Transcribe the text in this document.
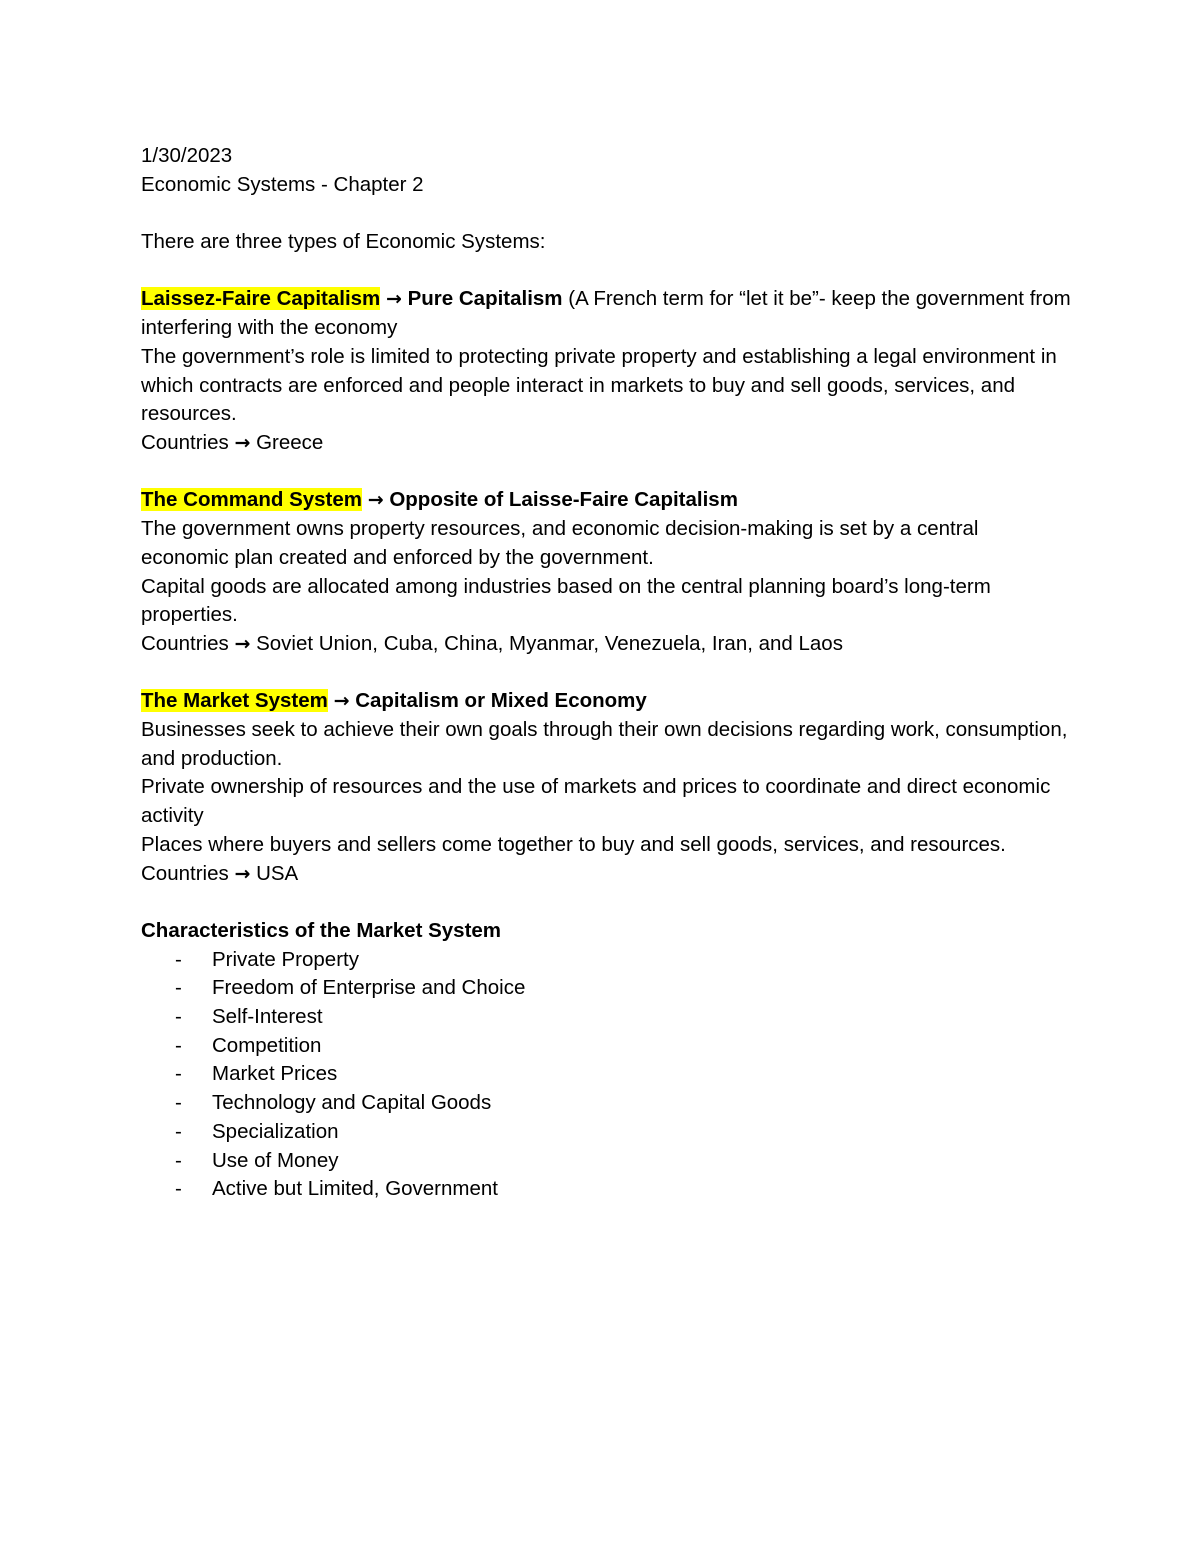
1/30/2023
Economic Systems - Chapter 2
There are three types of Economic Systems:
Laissez-Faire Capitalism → Pure Capitalism (A French term for “let it be”- keep the government from interfering with the economy
The government’s role is limited to protecting private property and establishing a legal environment in which contracts are enforced and people interact in markets to buy and sell goods, services, and resources.
Countries → Greece
The Command System → Opposite of Laisse-Faire Capitalism
The government owns property resources, and economic decision-making is set by a central economic plan created and enforced by the government.
Capital goods are allocated among industries based on the central planning board’s long-term properties.
Countries → Soviet Union, Cuba, China, Myanmar, Venezuela, Iran, and Laos
The Market System → Capitalism or Mixed Economy
Businesses seek to achieve their own goals through their own decisions regarding work, consumption, and production.
Private ownership of resources and the use of markets and prices to coordinate and direct economic activity
Places where buyers and sellers come together to buy and sell goods, services, and resources.
Countries → USA
Characteristics of the Market System
- Private Property
- Freedom of Enterprise and Choice
- Self-Interest
- Competition
- Market Prices
- Technology and Capital Goods
- Specialization
- Use of Money
- Active but Limited, Government
